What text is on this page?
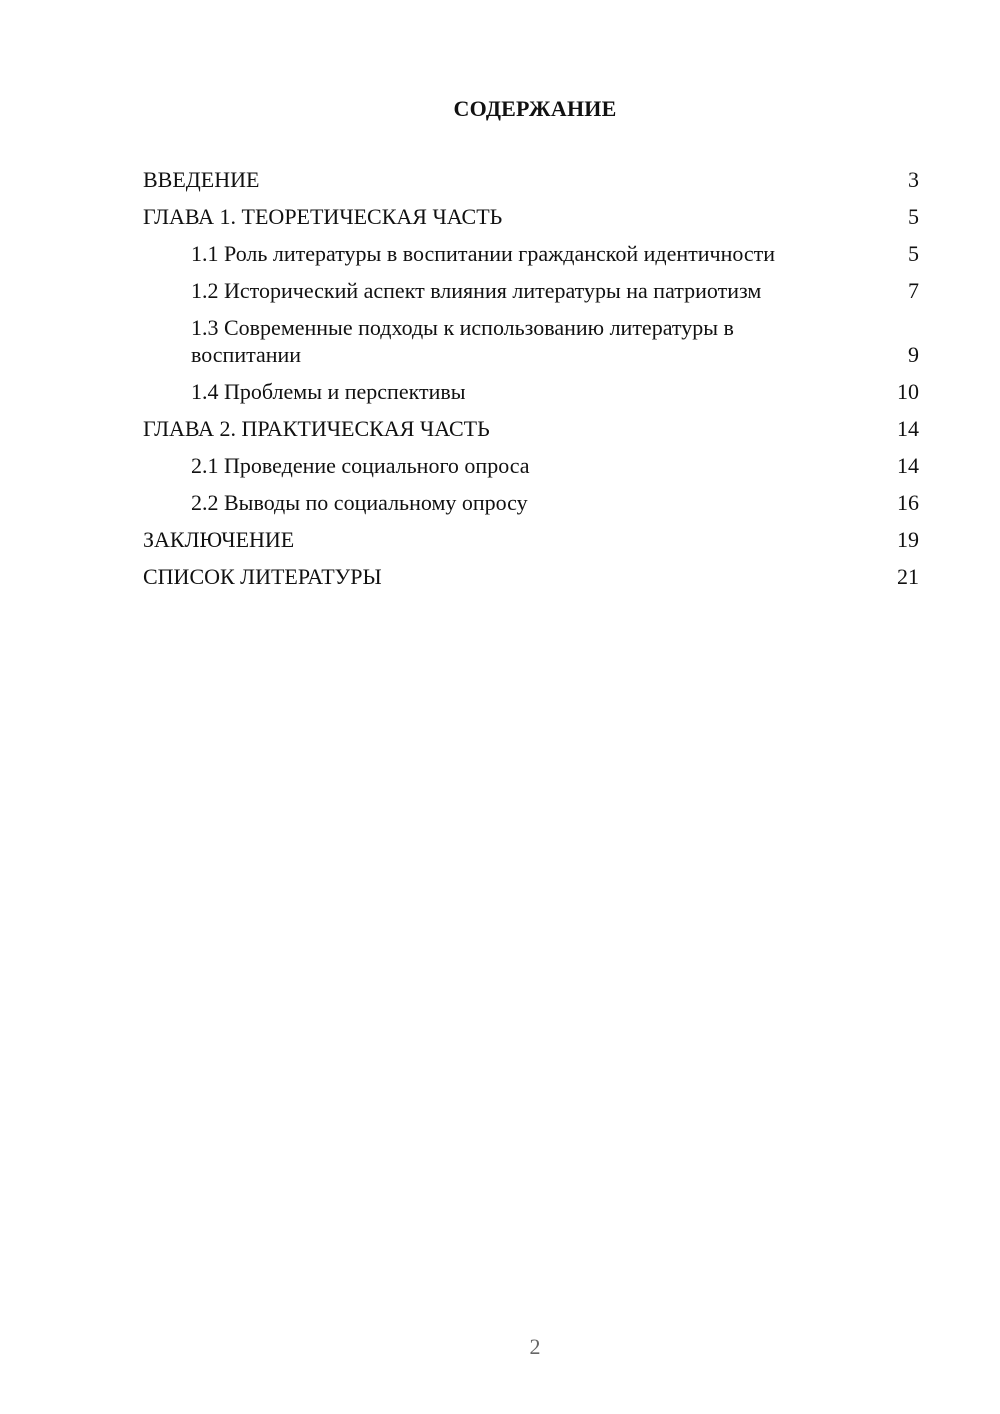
СОДЕРЖАНИЕ
ВВЕДЕНИЕ	3
ГЛАВА 1. ТЕОРЕТИЧЕСКАЯ ЧАСТЬ	5
1.1 Роль литературы в воспитании гражданской идентичности	5
1.2 Исторический аспект влияния литературы на патриотизм	7
1.3 Современные подходы к использованию литературы в воспитании	9
1.4 Проблемы и перспективы	10
ГЛАВА 2. ПРАКТИЧЕСКАЯ ЧАСТЬ	14
2.1 Проведение социального опроса	14
2.2 Выводы по социальному опросу	16
ЗАКЛЮЧЕНИЕ	19
СПИСОК ЛИТЕРАТУРЫ	21
2
